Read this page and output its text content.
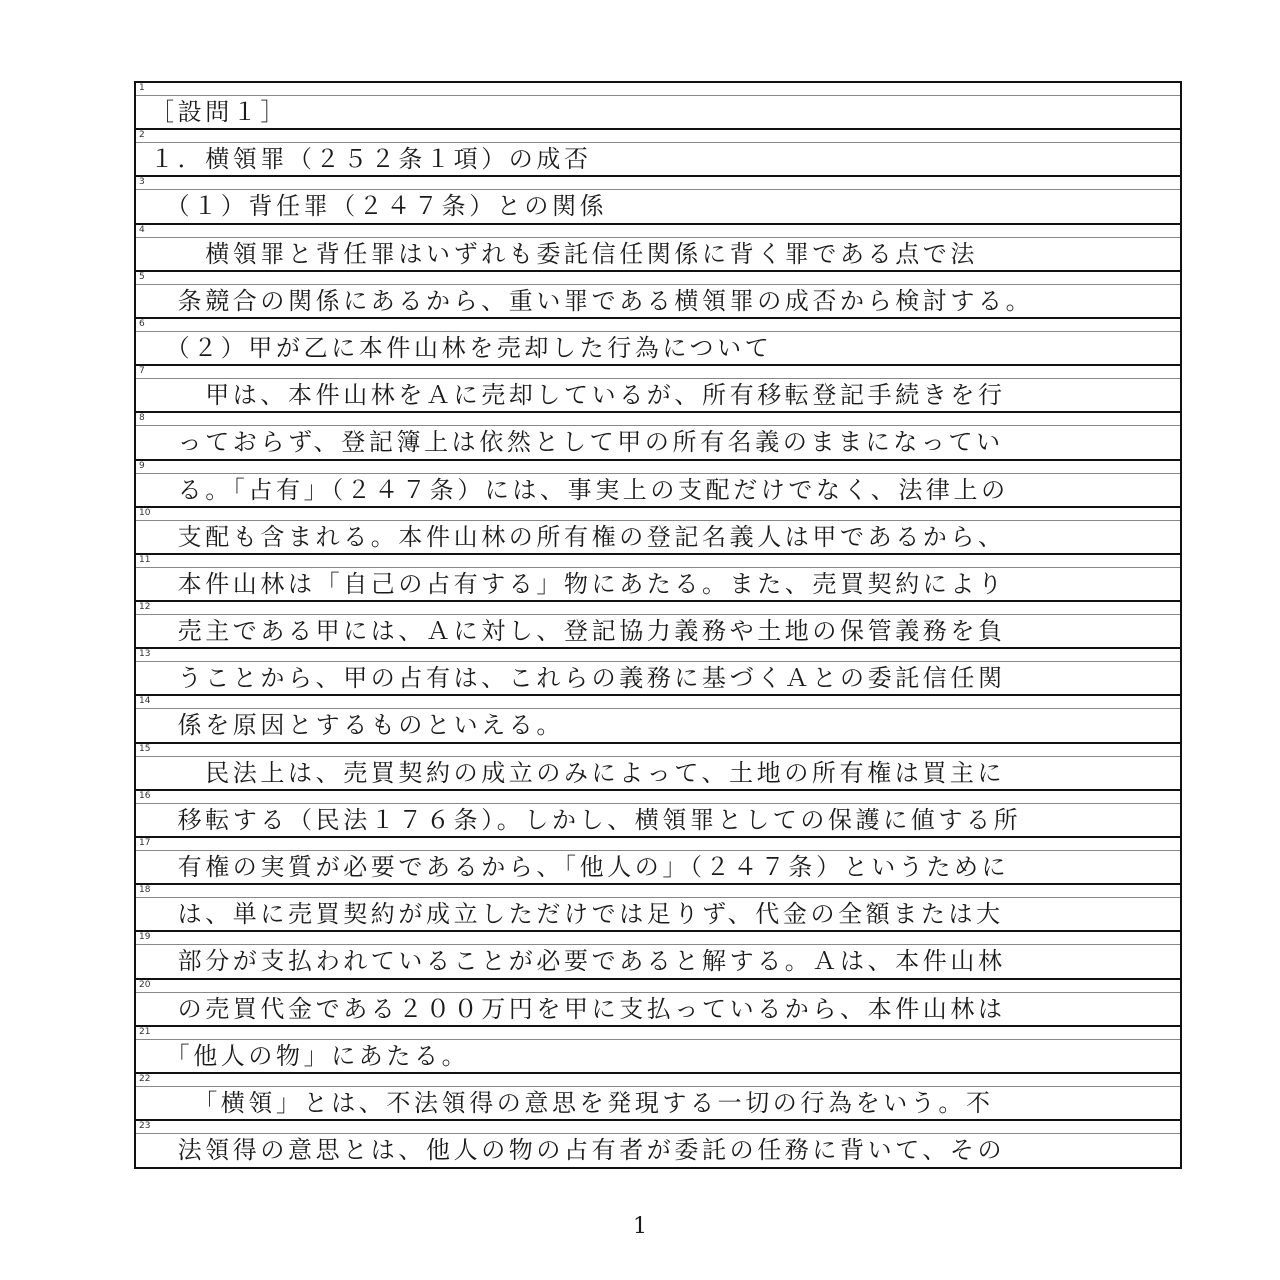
1
［設問１］
2
１．横領罪（２５２条１項）の成否
3
　（１）背任罪（２４７条）との関係
4
　　横領罪と背任罪はいずれも委託信任関係に背く罪である点で法
5
　条競合の関係にあるから、重い罪である横領罪の成否から検討する。
6
　（２）甲が乙に本件山林を売却した行為について
7
　　甲は、本件山林をＡに売却しているが、所有移転登記手続きを行
8
　っておらず、登記簿上は依然として甲の所有名義のままになってい
9
　る。「占有」（２４７条）には、事実上の支配だけでなく、法律上の
10
　支配も含まれる。本件山林の所有権の登記名義人は甲であるから、
11
　本件山林は「自己の占有する」物にあたる。また、売買契約により
12
　売主である甲には、Ａに対し、登記協力義務や土地の保管義務を負
13
　うことから、甲の占有は、これらの義務に基づくＡとの委託信任関
14
　係を原因とするものといえる。
15
　　民法上は、売買契約の成立のみによって、土地の所有権は買主に
16
　移転する（民法１７６条）。しかし、横領罪としての保護に値する所
17
　有権の実質が必要であるから、「他人の」（２４７条）というために
18
　は、単に売買契約が成立しただけでは足りず、代金の全額または大
19
　部分が支払われていることが必要であると解する。Ａは、本件山林
20
　の売買代金である２００万円を甲に支払っているから、本件山林は
21
　「他人の物」にあたる。
22
　　「横領」とは、不法領得の意思を発現する一切の行為をいう。不
23
　法領得の意思とは、他人の物の占有者が委託の任務に背いて、その
1
